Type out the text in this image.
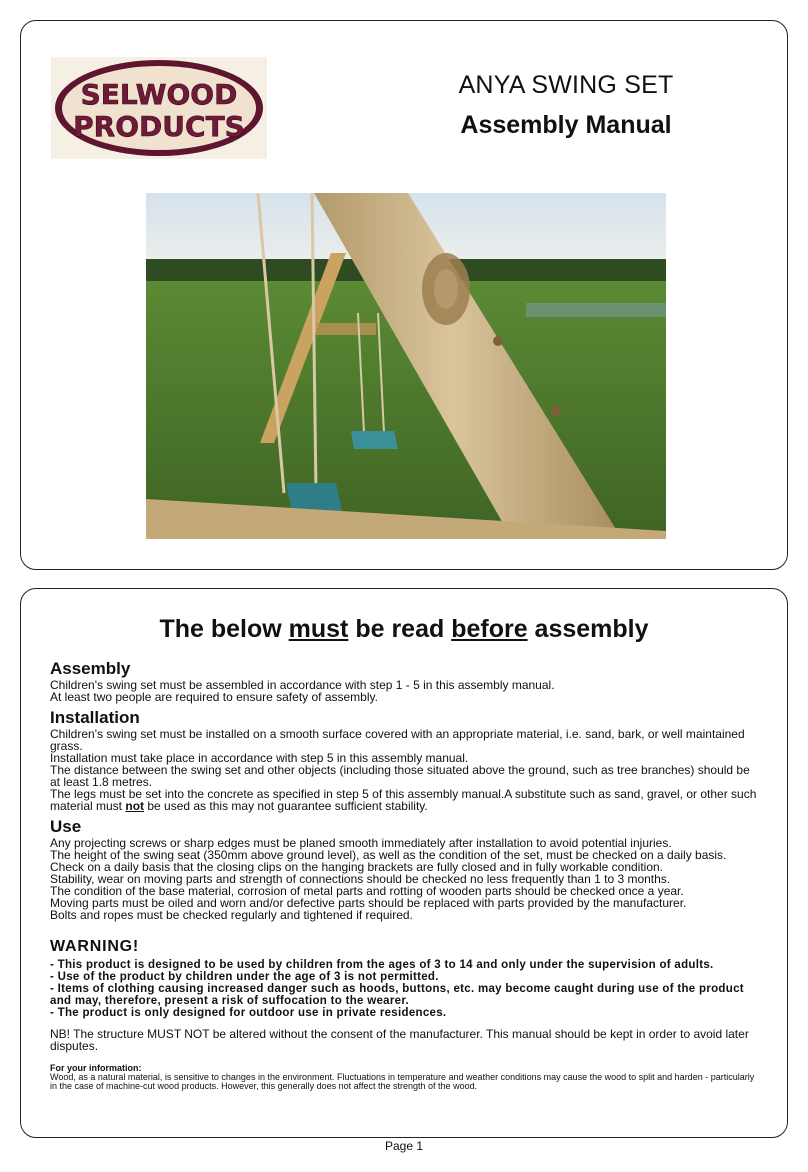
SELWOOD
PRODUCTS
ANYA SWING SET
Assembly Manual
The below must be read before assembly
Assembly

Children's swing set must be assembled in accordance with step 1 - 5 in this assembly manual.

At least two people are required to ensure safety of assembly.

Installation

Children's swing set must be installed on a smooth surface covered with an appropriate material, i.e. sand, bark, or well maintained grass.

Installation must take place in accordance with step 5 in this assembly manual.

The distance between the swing set and other objects (including those situated above the ground, such as tree branches) should be at least 1.8 metres.

The legs must be set into the concrete as specified in step 5 of this assembly manual.A substitute such as sand, gravel, or other such material must not be used as this may not guarantee sufficient stability.

Use

Any projecting screws or sharp edges must be planed smooth immediately after installation to avoid potential injuries.

The height of the swing seat (350mm above ground level), as well as the condition of the set, must be checked on a daily basis.

Check on a daily basis that the closing clips on the hanging brackets are fully closed and in fully workable condition.

Stability, wear on moving parts and strength of connections should be checked no less frequently than 1 to 3 months.

The condition of the base material, corrosion of metal parts and rotting of wooden parts should be checked once a year.

Moving parts must be oiled and worn and/or defective parts should be replaced with parts provided by the manufacturer.

Bolts and ropes must be checked regularly and tightened if required.

WARNING!

- This product is designed to be used by children from the ages of 3 to 14 and only under the supervision of adults.

- Use of the product by children under the age of 3 is not permitted.

- Items of clothing causing increased danger such as hoods, buttons, etc. may become caught during use of the product and may, therefore, present a risk of suffocation to the wearer.

- The product is only designed for outdoor use in private residences.

NB! The structure MUST NOT be altered without the consent of the manufacturer. This manual should be kept in order to avoid later disputes.
For your information:

Wood, as a natural material, is sensitive to changes in the environment. Fluctuations in temperature and weather conditions may cause the wood to split and harden - particularly in the case of machine-cut wood products. However, this generally does not affect the strength of the wood.

Page 1
